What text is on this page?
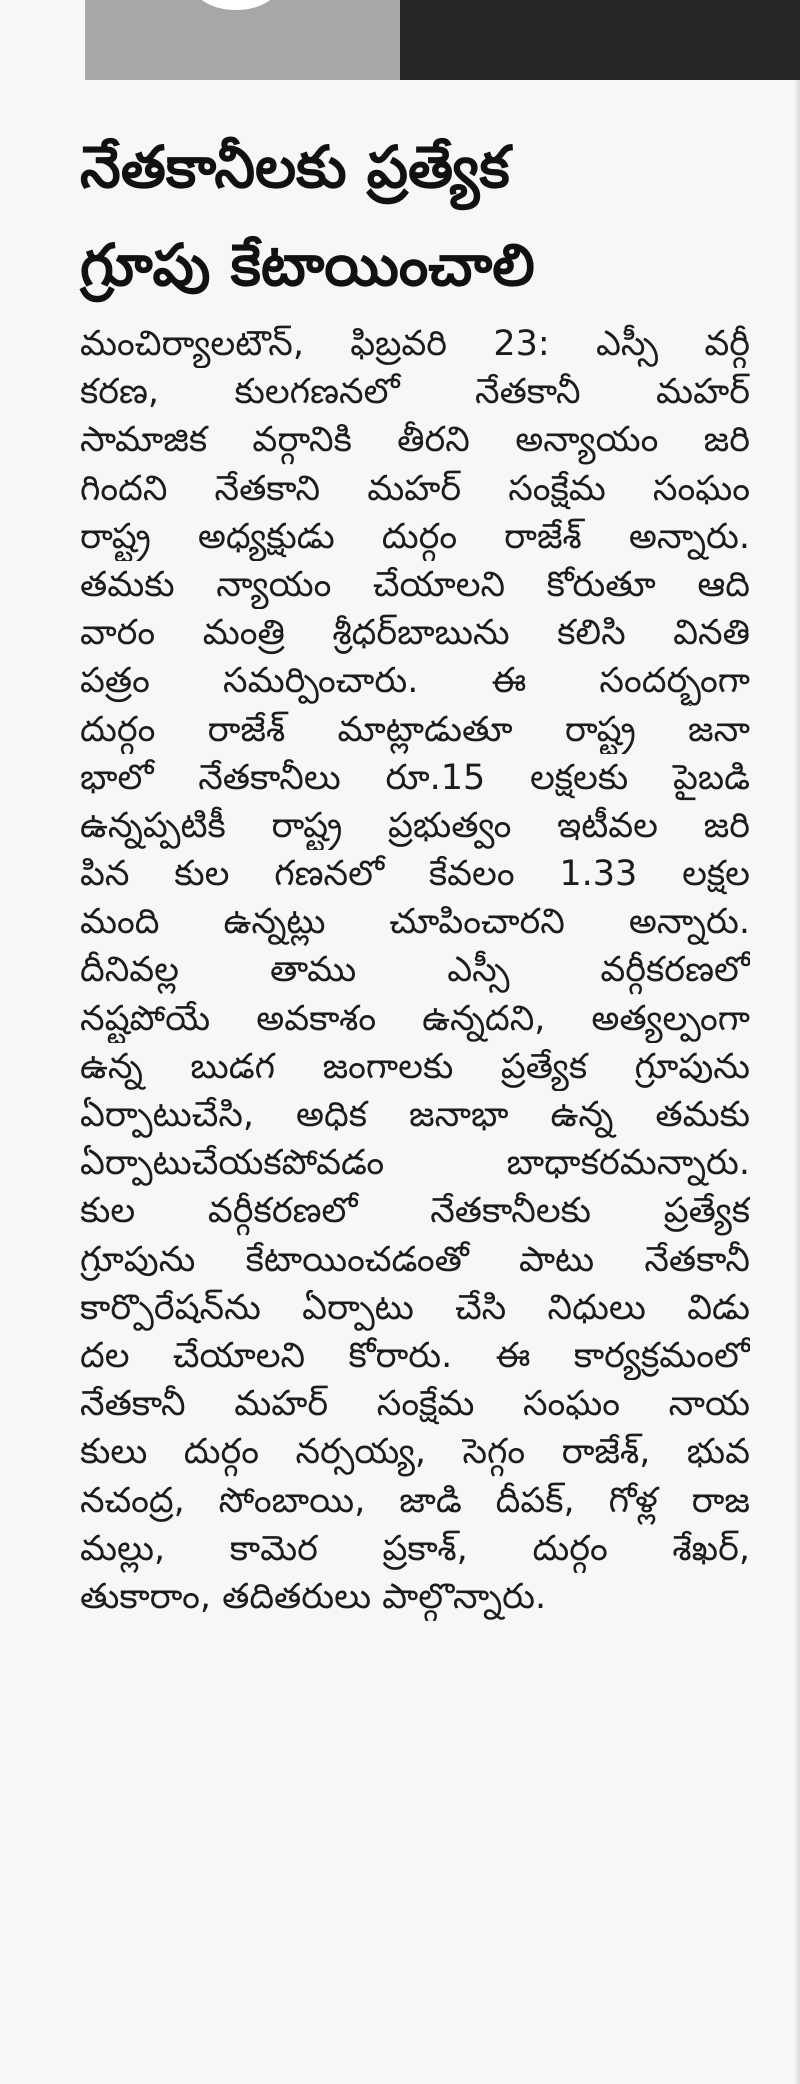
నేతకానీలకు ప్రత్యేక
గ్రూపు కేటాయించాలి
మంచిర్యాలటౌన్, ఫిబ్రవరి 23: ఎస్సీ వర్గీ
కరణ, కులగణనలో నేతకానీ మహర్
సామాజిక వర్గానికి తీరని అన్యాయం జరి
గిందని నేతకాని మహర్ సంక్షేమ సంఘం
రాష్ట్ర అధ్యక్షుడు దుర్గం రాజేశ్ అన్నారు.
తమకు న్యాయం చేయాలని కోరుతూ ఆది
వారం మంత్రి శ్రీధర్‌బాబును కలిసి వినతి
పత్రం సమర్పించారు. ఈ సందర్భంగా
దుర్గం రాజేశ్ మాట్లాడుతూ రాష్ట్ర జనా
భాలో నేతకానీలు రూ.15 లక్షలకు పైబడి
ఉన్నప్పటికీ రాష్ట్ర ప్రభుత్వం ఇటీవల జరి
పిన కుల గణనలో కేవలం 1.33 లక్షల
మంది ఉన్నట్లు చూపించారని అన్నారు.
దీనివల్ల తాము ఎస్సీ వర్గీకరణలో
నష్టపోయే అవకాశం ఉన్నదని, అత్యల్పంగా
ఉన్న బుడగ జంగాలకు ప్రత్యేక గ్రూపును
ఏర్పాటుచేసి, అధిక జనాభా ఉన్న తమకు
ఏర్పాటుచేయకపోవడం బాధాకరమన్నారు.
కుల వర్గీకరణలో నేతకానీలకు ప్రత్యేక
గ్రూపును కేటాయించడంతో పాటు నేతకానీ
కార్పొరేషన్‌ను ఏర్పాటు చేసి నిధులు విడు
దల చేయాలని కోరారు. ఈ కార్యక్రమంలో
నేతకానీ మహర్ సంక్షేమ సంఘం నాయ
కులు దుర్గం నర్సయ్య, సెగ్గం రాజేశ్, భువ
నచంద్ర, సోంబాయి, జాడి దీపక్, గోళ్ల రాజ
మల్లు, కామెర ప్రకాశ్, దుర్గం శేఖర్,
తుకారాం, తదితరులు పాల్గొన్నారు.
